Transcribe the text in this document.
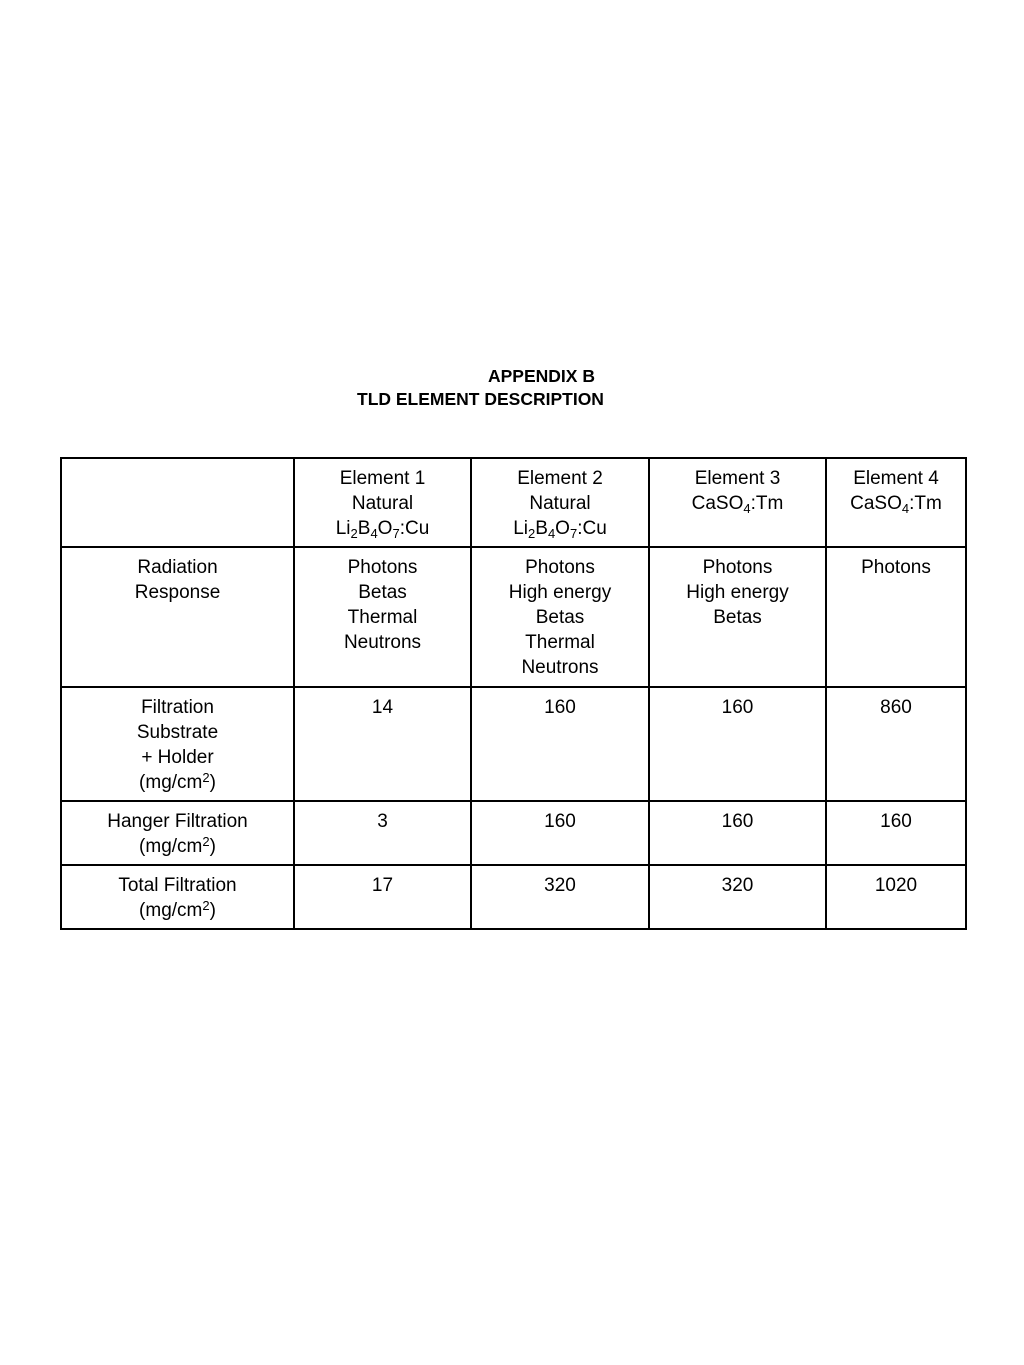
APPENDIX B
TLD ELEMENT DESCRIPTION

	Element 1
Natural
$Li_2B_4O_7:Cu$	Element 2
Natural
$Li_2B_4O_7:Cu$	Element 3
CaSO$_4$:Tm	Element 4
CaSO$_4$:Tm

Radiation
Response	Photons
Betas
Thermal
Neutrons	Photons
High energy
Betas
Thermal
Neutrons	Photons
High energy
Betas	Photons

Filtration
Substrate
+ Holder
$(mg/cm^2)$	14	160	160	860

Hanger Filtration
$(mg/cm^2)$	3	160	160	160

Total Filtration
$(mg/cm^2)$	17	320	320	1020
